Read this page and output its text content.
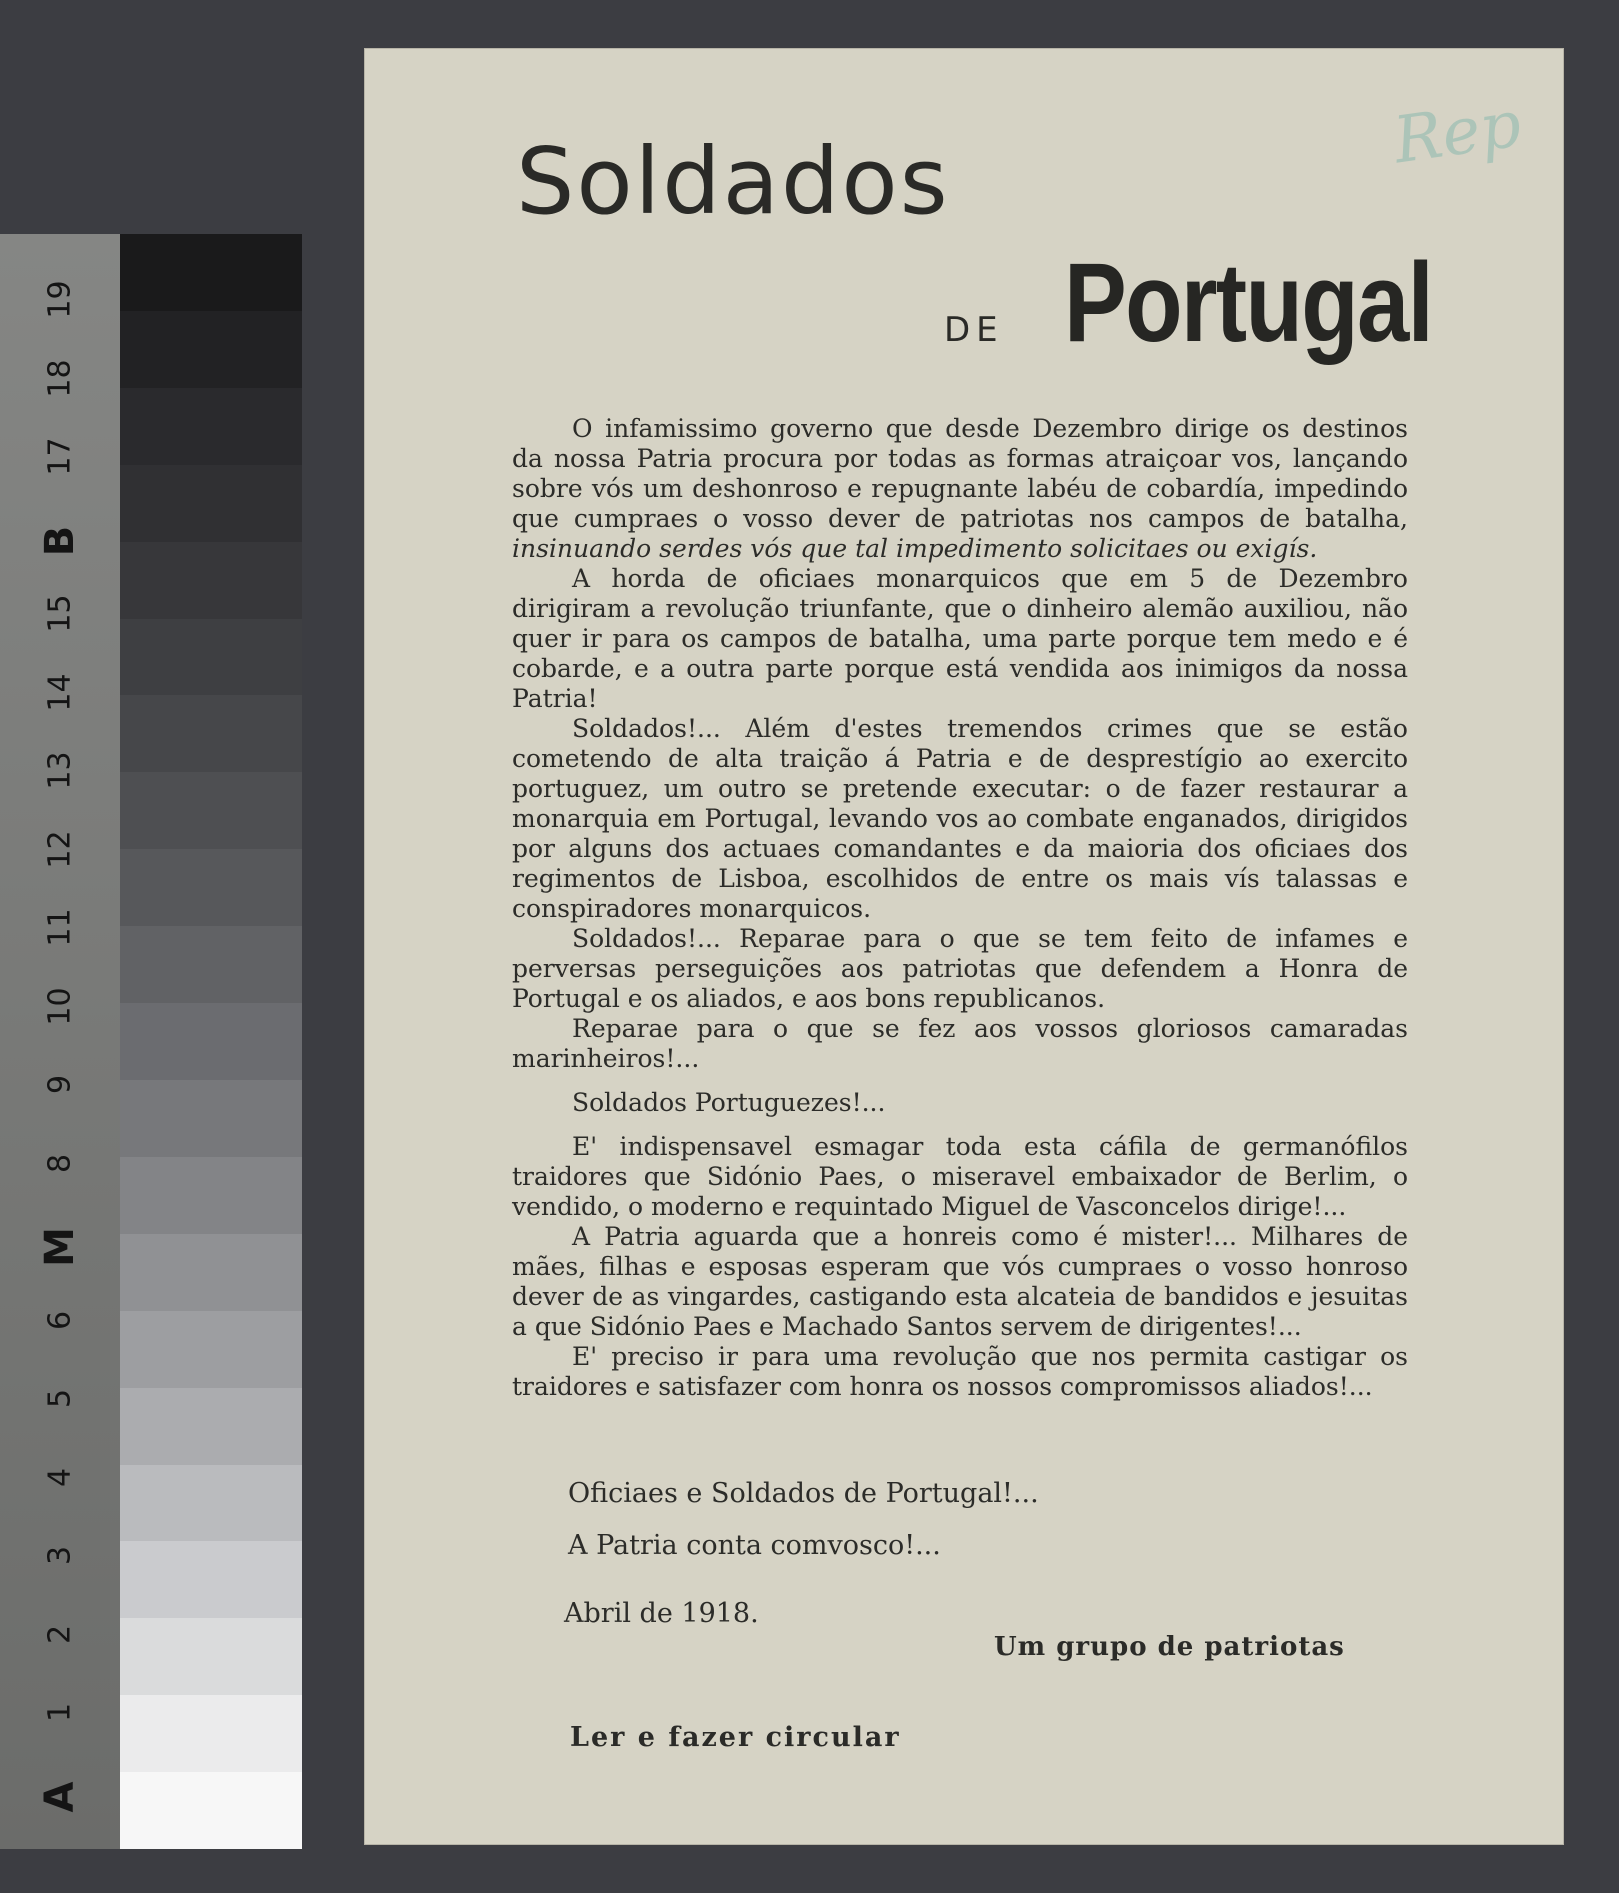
19
18
17
B
15
14
13
12
11
10
9
8
M
6
5
4
3
2
1
A
Rep
Soldados
DE Portugal

O infamissimo governo que desde Dezembro dirige os destinos da nossa Patria procura por todas as formas atraiçoar vos, lançando sobre vós um deshonroso e repugnante labéu de cobardía, impedindo que cumpraes o vosso dever de patriotas nos campos de batalha, insinuando serdes vós que tal impedimento solicitaes ou exigís.

A horda de oficiaes monarquicos que em 5 de Dezembro dirigiram a revolução triunfante, que o dinheiro alemão auxiliou, não quer ir para os campos de batalha, uma parte porque tem medo e é cobarde, e a outra parte porque está vendida aos inimigos da nossa Patria!

Soldados!... Além d'estes tremendos crimes que se estão cometendo de alta traição á Patria e de desprestígio ao exercito portuguez, um outro se pretende executar: o de fazer restaurar a monarquia em Portugal, levando vos ao combate enganados, dirigidos por alguns dos actuaes comandantes e da maioria dos oficiaes dos regimentos de Lisboa, escolhidos de entre os mais vís talassas e conspiradores monarquicos.

Soldados!... Reparae para o que se tem feito de infames e perversas perseguições aos patriotas que defendem a Honra de Portugal e os aliados, e aos bons republicanos.

Reparae para o que se fez aos vossos gloriosos camaradas marinheiros!...

Soldados Portuguezes!...

E' indispensavel esmagar toda esta cáfila de germanófilos traidores que Sidónio Paes, o miseravel embaixador de Berlim, o vendido, o moderno e requintado Miguel de Vasconcelos dirige!...

A Patria aguarda que a honreis como é mister!... Milhares de mães, filhas e esposas esperam que vós cumpraes o vosso honroso dever de as vingardes, castigando esta alcateia de bandidos e jesuitas a que Sidónio Paes e Machado Santos servem de dirigentes!...

E' preciso ir para uma revolução que nos permita castigar os traidores e satisfazer com honra os nossos compromissos aliados!...

Oficiaes e Soldados de Portugal!...
A Patria conta comvosco!...
Abril de 1918.
Um grupo de patriotas
Ler e fazer circular
